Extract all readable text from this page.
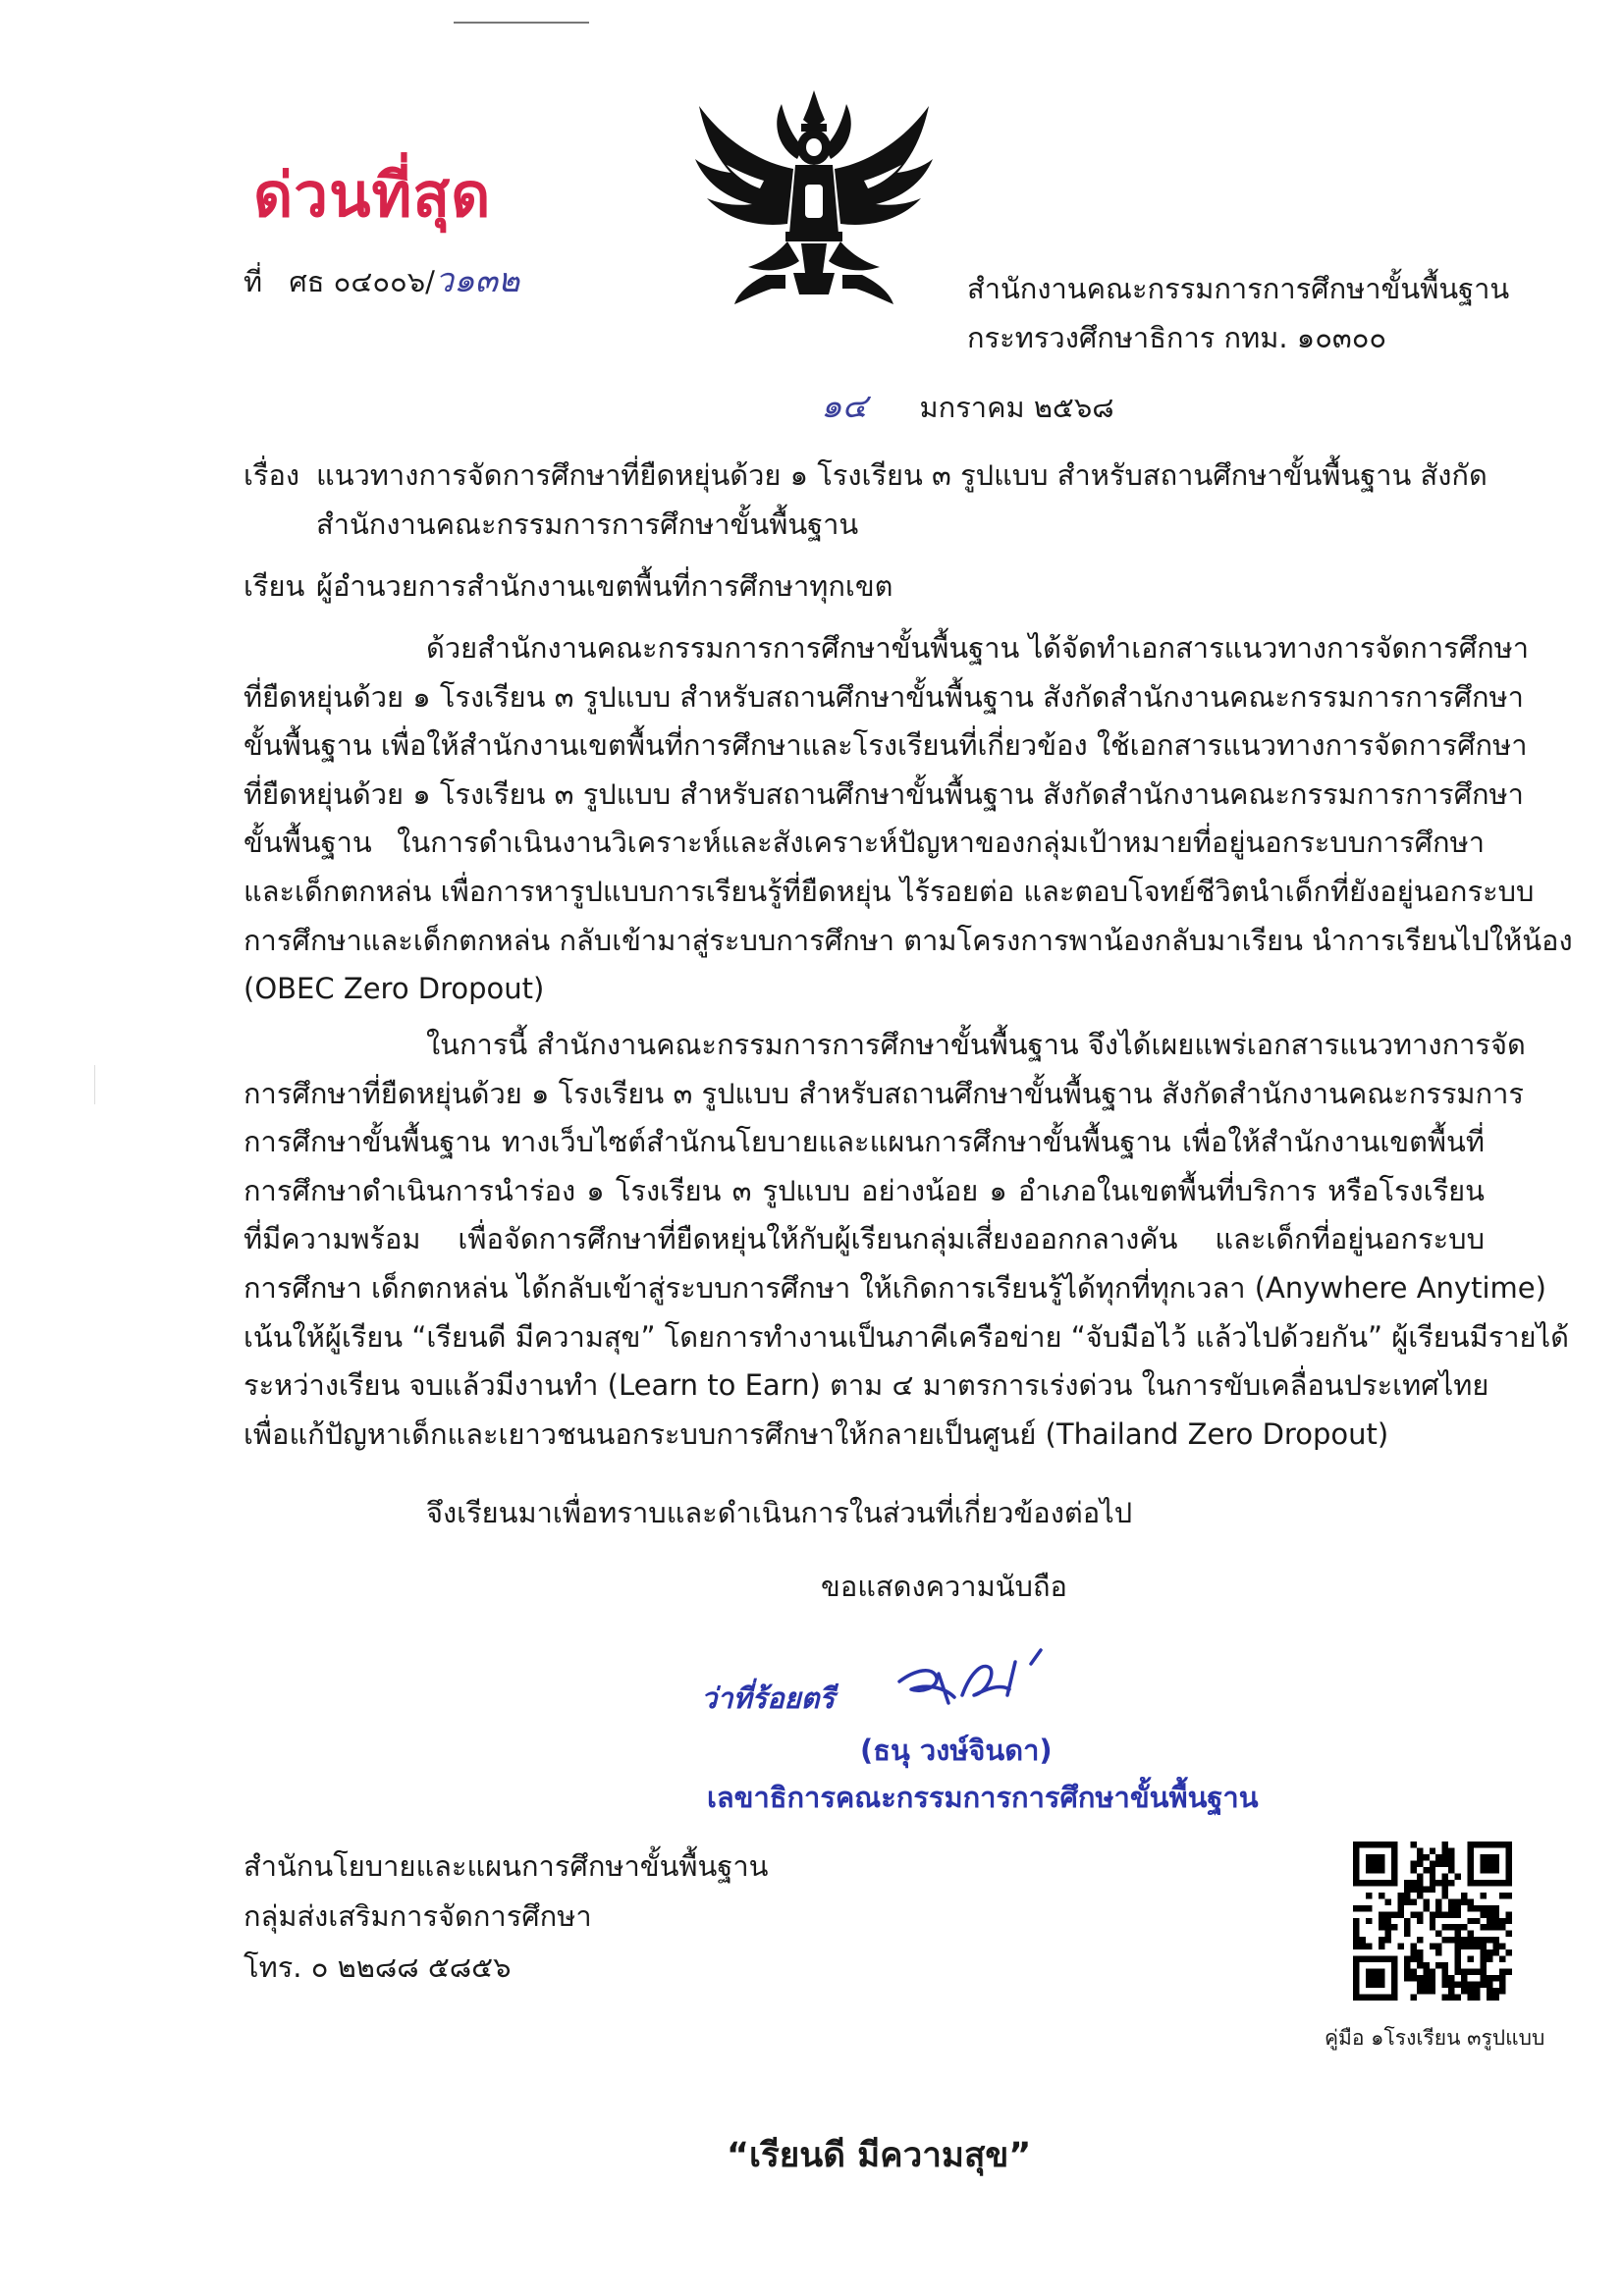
ด่วนที่สุด
ที่ ศธ ๐๔๐๐๖/ว๑๓๒	สำนักงานคณะกรรมการการศึกษาขั้นพื้นฐาน
กระทรวงศึกษาธิการ กทม. ๑๐๓๐๐
๑๔ มกราคม ๒๕๖๘
เรื่อง แนวทางการจัดการศึกษาที่ยืดหยุ่นด้วย ๑ โรงเรียน ๓ รูปแบบ สำหรับสถานศึกษาขั้นพื้นฐาน สังกัด
สำนักงานคณะกรรมการการศึกษาขั้นพื้นฐาน
เรียน ผู้อำนวยการสำนักงานเขตพื้นที่การศึกษาทุกเขต
ด้วยสำนักงานคณะกรรมการการศึกษาขั้นพื้นฐาน ได้จัดทำเอกสารแนวทางการจัดการศึกษา
ที่ยืดหยุ่นด้วย ๑ โรงเรียน ๓ รูปแบบ สำหรับสถานศึกษาขั้นพื้นฐาน สังกัดสำนักงานคณะกรรมการการศึกษา
ขั้นพื้นฐาน เพื่อให้สำนักงานเขตพื้นที่การศึกษาและโรงเรียนที่เกี่ยวข้อง ใช้เอกสารแนวทางการจัดการศึกษา
ที่ยืดหยุ่นด้วย ๑ โรงเรียน ๓ รูปแบบ สำหรับสถานศึกษาขั้นพื้นฐาน สังกัดสำนักงานคณะกรรมการการศึกษา
ขั้นพื้นฐาน ในการดำเนินงานวิเคราะห์และสังเคราะห์ปัญหาของกลุ่มเป้าหมายที่อยู่นอกระบบการศึกษา
และเด็กตกหล่น เพื่อการหารูปแบบการเรียนรู้ที่ยืดหยุ่น ไร้รอยต่อ และตอบโจทย์ชีวิตนำเด็กที่ยังอยู่นอกระบบ
การศึกษาและเด็กตกหล่น กลับเข้ามาสู่ระบบการศึกษา ตามโครงการพาน้องกลับมาเรียน นำการเรียนไปให้น้อง
(OBEC Zero Dropout)
ในการนี้ สำนักงานคณะกรรมการการศึกษาขั้นพื้นฐาน จึงได้เผยแพร่เอกสารแนวทางการจัด
การศึกษาที่ยืดหยุ่นด้วย ๑ โรงเรียน ๓ รูปแบบ สำหรับสถานศึกษาขั้นพื้นฐาน สังกัดสำนักงานคณะกรรมการ
การศึกษาขั้นพื้นฐาน ทางเว็บไซต์สำนักนโยบายและแผนการศึกษาขั้นพื้นฐาน เพื่อให้สำนักงานเขตพื้นที่
การศึกษาดำเนินการนำร่อง ๑ โรงเรียน ๓ รูปแบบ อย่างน้อย ๑ อำเภอในเขตพื้นที่บริการ หรือโรงเรียน
ที่มีความพร้อม เพื่อจัดการศึกษาที่ยืดหยุ่นให้กับผู้เรียนกลุ่มเสี่ยงออกกลางคัน และเด็กที่อยู่นอกระบบ
การศึกษา เด็กตกหล่น ได้กลับเข้าสู่ระบบการศึกษา ให้เกิดการเรียนรู้ได้ทุกที่ทุกเวลา (Anywhere Anytime)
เน้นให้ผู้เรียน “เรียนดี มีความสุข” โดยการทำงานเป็นภาคีเครือข่าย “จับมือไว้ แล้วไปด้วยกัน” ผู้เรียนมีรายได้
ระหว่างเรียน จบแล้วมีงานทำ (Learn to Earn) ตาม ๔ มาตรการเร่งด่วน ในการขับเคลื่อนประเทศไทย
เพื่อแก้ปัญหาเด็กและเยาวชนนอกระบบการศึกษาให้กลายเป็นศูนย์ (Thailand Zero Dropout)
จึงเรียนมาเพื่อทราบและดำเนินการในส่วนที่เกี่ยวข้องต่อไป
ขอแสดงความนับถือ
ว่าที่ร้อยตรี
(ธนุ วงษ์จินดา)
เลขาธิการคณะกรรมการการศึกษาขั้นพื้นฐาน
สำนักนโยบายและแผนการศึกษาขั้นพื้นฐาน
กลุ่มส่งเสริมการจัดการศึกษา
โทร. ๐ ๒๒๘๘ ๕๘๕๖
คู่มือ ๑โรงเรียน ๓รูปแบบ
“เรียนดี มีความสุข”
